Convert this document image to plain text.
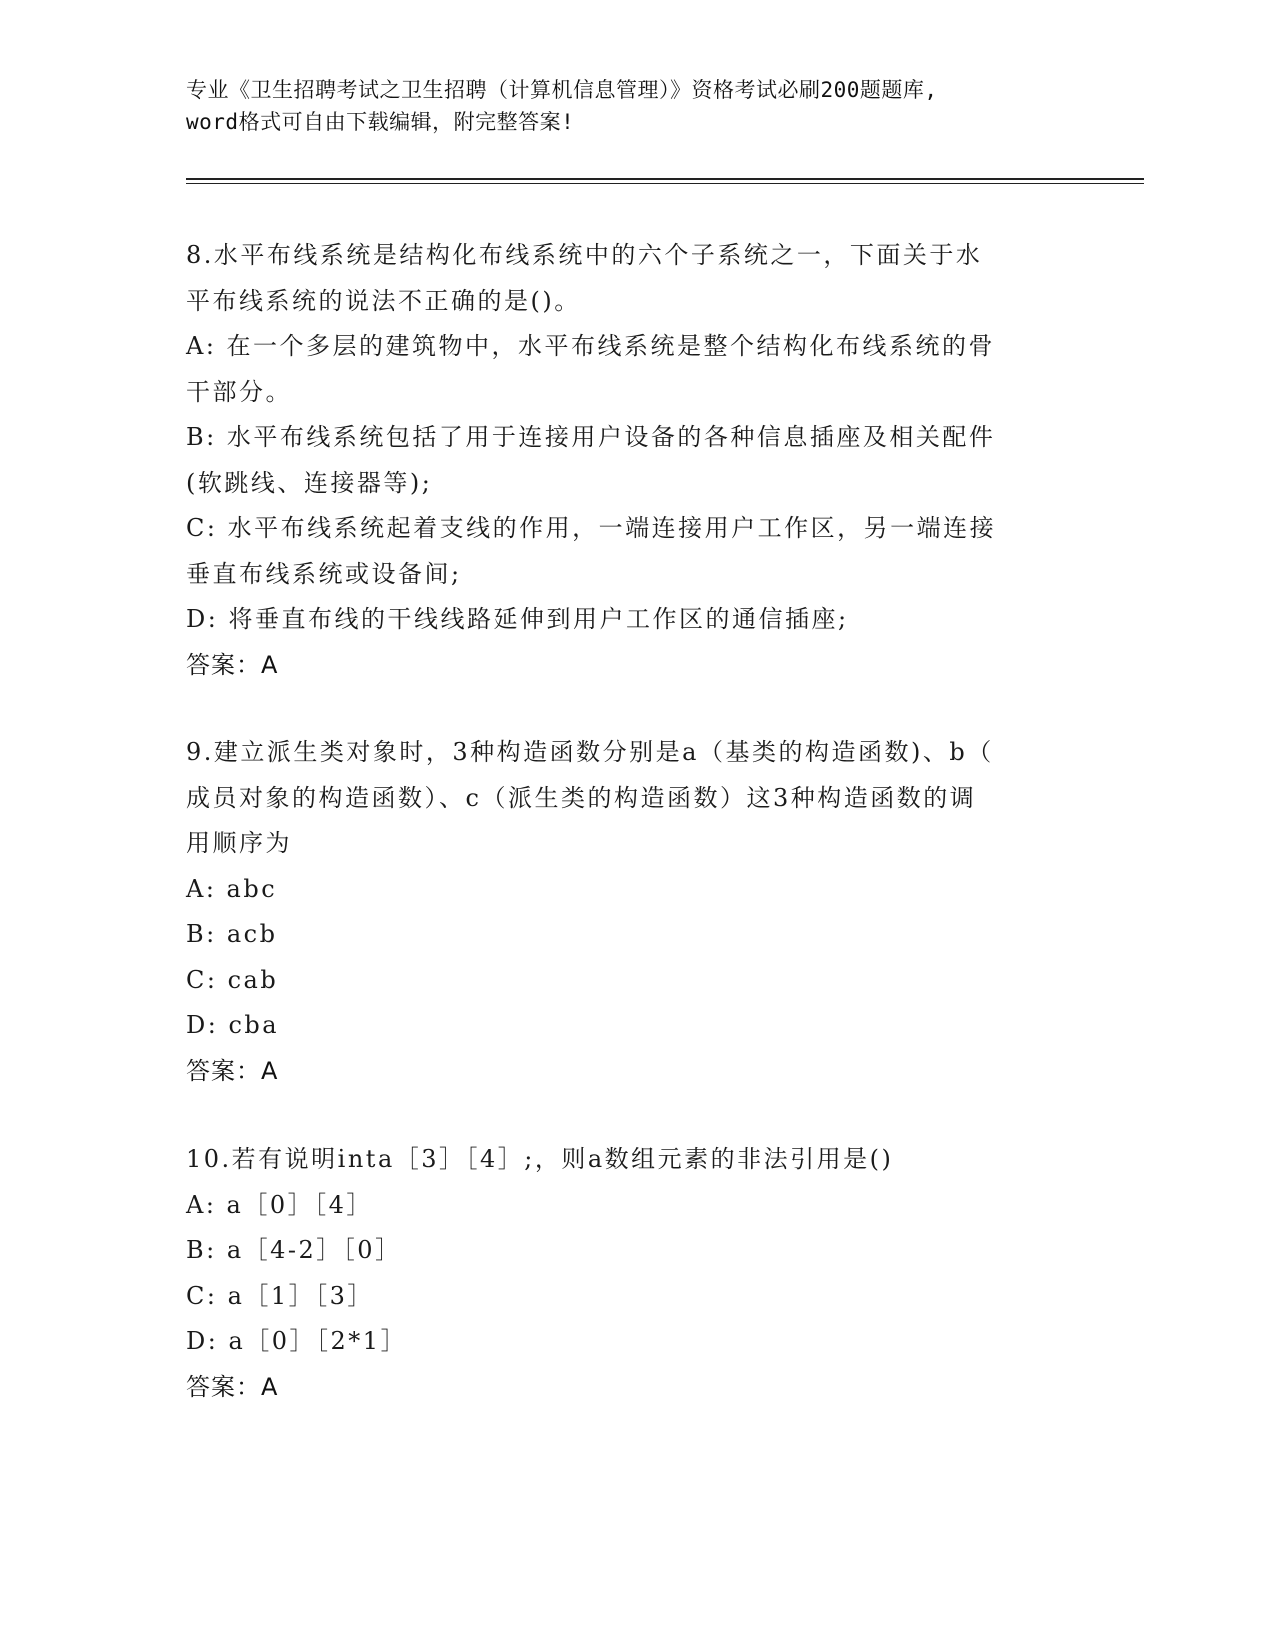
专业《卫生招聘考试之卫生招聘（计算机信息管理）》资格考试必刷200题题库,
word格式可自由下载编辑，附完整答案!
8.水平布线系统是结构化布线系统中的六个子系统之一，下面关于水
平布线系统的说法不正确的是()。
A: 在一个多层的建筑物中，水平布线系统是整个结构化布线系统的骨
干部分。
B: 水平布线系统包括了用于连接用户设备的各种信息插座及相关配件
(软跳线、连接器等);
C: 水平布线系统起着支线的作用，一端连接用户工作区，另一端连接
垂直布线系统或设备间;
D: 将垂直布线的干线线路延伸到用户工作区的通信插座;
答案：A
9.建立派生类对象时，3种构造函数分别是a（基类的构造函数)、b（
成员对象的构造函数）、c（派生类的构造函数）这3种构造函数的调
用顺序为
A: abc
B: acb
C: cab
D: cba
答案：A
10.若有说明inta［3］［4］;，则a数组元素的非法引用是()
A: a［0］［4］
B: a［4-2］［0］
C: a［1］［3］
D: a［0］［2*1］
答案：A
